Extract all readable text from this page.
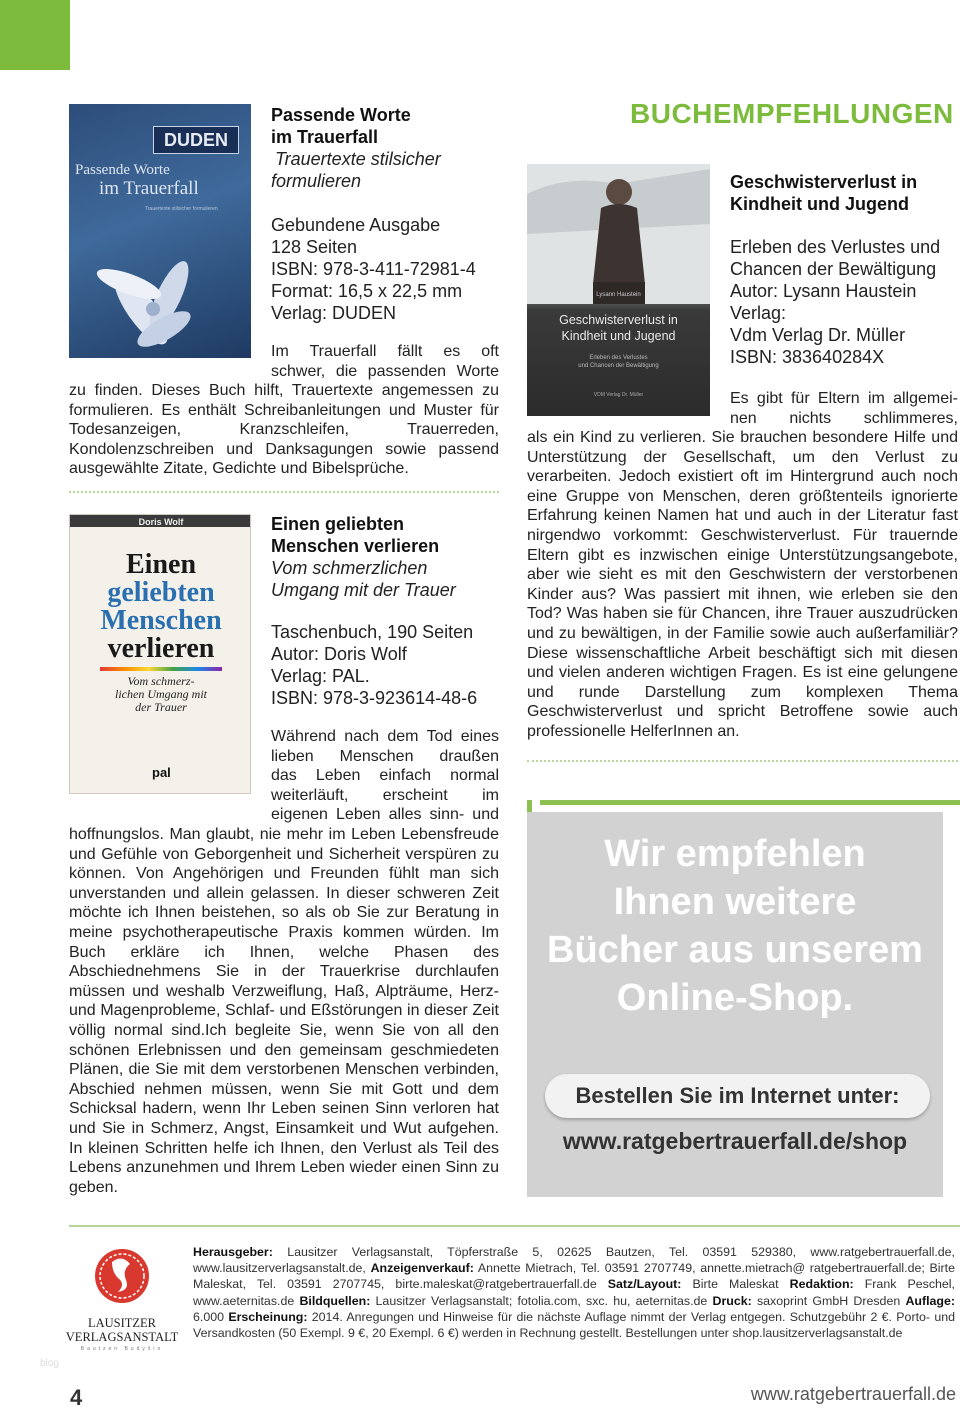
DUDEN
Passende Worte
im Trauerfall
Trauertexte stilsicher formulieren
Passende Worte
im Trauerfall
Trauertexte stilsicher
formulieren
Gebundene Ausgabe
128 Seiten
ISBN: 978-3-411-72981-4
Format: 16,5 x 22,5 mm
Verlag: DUDEN
Im Trauerfall fällt es oft
schwer, die passenden Worte
zu finden. Dieses Buch hilft, Trauertexte angemessen zu formulieren. Es enthält Schreibanleitungen und Muster für Todesanzeigen, Kranzschleifen, Trauerreden, Kondolenzschreiben und Danksagungen sowie passend ausgewählte Zitate, Gedichte und Bibelsprüche.
Doris Wolf
Einen
geliebten
Menschen
verlieren
Vom schmerz-
lichen Umgang mit
der Trauer
pal
Einen geliebten
Menschen verlieren
Vom schmerzlichen
Umgang mit der Trauer
Taschenbuch, 190 Seiten
Autor: Doris Wolf
Verlag: PAL.
ISBN: 978-3-923614-48-6
Während nach dem Tod eines
lieben Menschen draußen
das Leben einfach normal
weiterläuft, erscheint im
eigenen Leben alles sinn- und
hoffnungslos. Man glaubt, nie mehr im Leben Lebensfreude und Gefühle von Geborgenheit und Sicherheit verspüren zu können. Von Angehörigen und Freunden fühlt man sich unverstanden und allein gelassen. In dieser schweren Zeit möchte ich Ihnen beistehen, so als ob Sie zur Beratung in meine psychotherapeutische Praxis kommen würden. Im Buch erkläre ich Ihnen, welche Phasen des Abschiednehmens Sie in der Trauerkrise durchlaufen müssen und weshalb Verzweiflung, Haß, Alpträume, Herz- und Magenprobleme, Schlaf- und Eßstörungen in dieser Zeit völlig normal sind.Ich begleite Sie, wenn Sie von all den schönen Erlebnissen und den gemeinsam geschmiedeten Plänen, die Sie mit dem verstorbenen Menschen verbinden, Abschied nehmen müssen, wenn Sie mit Gott und dem Schicksal hadern, wenn Ihr Leben seinen Sinn verloren hat und Sie in Schmerz, Angst, Einsamkeit und Wut aufgehen. In kleinen Schritten helfe ich Ihnen, den Verlust als Teil des Lebens anzunehmen und Ihrem Leben wieder einen Sinn zu geben.
BUCHEMPFEHLUNGEN
Lysann Haustein
Geschwisterverlust in
Kindheit und Jugend
Erleben des Verlustes
und Chancen der Bewältigung
VDM Verlag Dr. Müller
Geschwisterverlust in
Kindheit und Jugend
Erleben des Verlustes und
Chancen der Bewältigung
Autor: Lysann Haustein
Verlag:
Vdm Verlag Dr. Müller
ISBN: 383640284X
Es gibt für Eltern im allgemei-
nen nichts schlimmeres,
als ein Kind zu verlieren. Sie brauchen besondere Hilfe und Unterstützung der Gesellschaft, um den Verlust zu verarbeiten. Jedoch existiert oft im Hintergrund auch noch eine Gruppe von Menschen, deren größtenteils ignorierte Erfahrung keinen Namen hat und auch in der Literatur fast nirgendwo vorkommt: Geschwisterverlust. Für trauernde Eltern gibt es inzwischen einige Unterstützungsangebote, aber wie sieht es mit den Geschwistern der verstorbenen Kinder aus? Was passiert mit ihnen, wie erleben sie den Tod? Was haben sie für Chancen, ihre Trauer auszudrücken und zu bewältigen, in der Familie sowie auch außerfamiliär? Diese wissenschaftliche Arbeit beschäftigt sich mit diesen und vielen anderen wichtigen Fragen. Es ist eine gelungene und runde Darstellung zum komplexen Thema Geschwisterverlust und spricht Betroffene sowie auch professionelle HelferInnen an.
Wir empfehlen
Ihnen weitere
Bücher aus unserem
Online-Shop.
Bestellen Sie im Internet unter:
www.ratgebertrauerfall.de/shop
LAUSITZER
VERLAGSANSTALT
Bautzen Budyšin
Herausgeber: Lausitzer Verlagsanstalt, Töpferstraße 5, 02625 Bautzen, Tel. 03591 529380, www.ratgebertrauerfall.de, www.lausitzerverlagsanstalt.de, Anzeigenverkauf: Annette Mietrach, Tel. 03591 2707749, annette.mietrach@ ratgebertrauerfall.de; Birte Maleskat, Tel. 03591 2707745, birte.maleskat@ratgebertrauerfall.de Satz/Layout: Birte Maleskat Redaktion: Frank Peschel, www.aeternitas.de Bildquellen: Lausitzer Verlagsanstalt; fotolia.com, sxc. hu, aeternitas.de Druck: saxoprint GmbH Dresden Auflage: 6.000 Erscheinung: 2014. Anregungen und Hinweise für die nächste Auflage nimmt der Verlag entgegen. Schutzgebühr 2 €. Porto- und Versandkosten (50 Exempl. 9 €, 20 Exempl. 6 €) werden in Rechnung gestellt. Bestellungen unter shop.lausitzerverlagsanstalt.de
blog
4	www.ratgebertrauerfall.de
